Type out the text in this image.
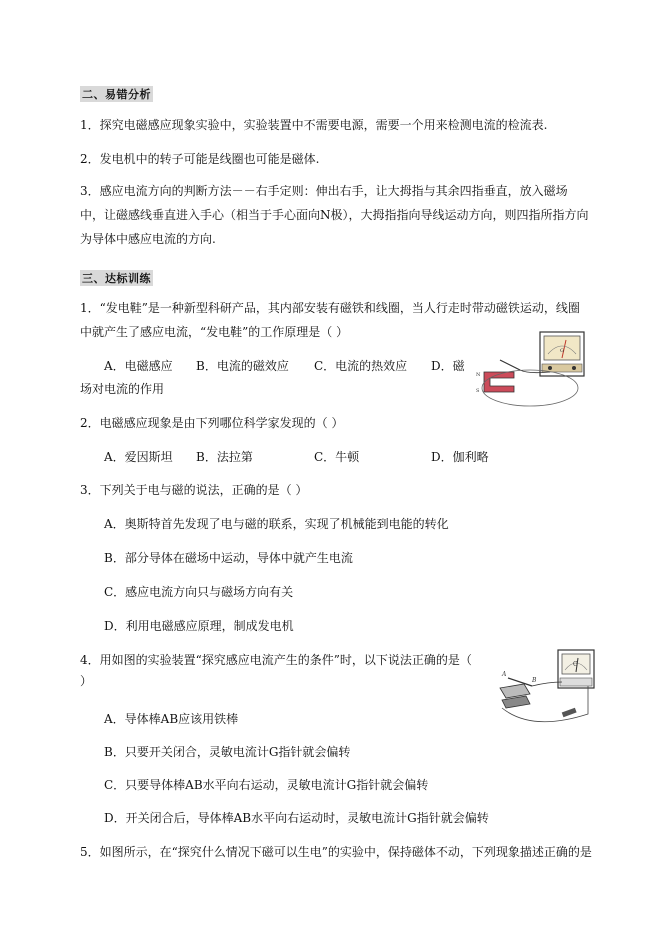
二、易错分析
1．探究电磁感应现象实验中，实验装置中不需要电源，需要一个用来检测电流的检流表.
2．发电机中的转子可能是线圈也可能是磁体.
3．感应电流方向的判断方法－－右手定则：伸出右手，让大拇指与其余四指垂直，放入磁场中，让磁感线垂直进入手心（相当于手心面向N极），大拇指指向导线运动方向，则四指所指方向为导体中感应电流的方向.
三、达标训练
1．“发电鞋”是一种新型科研产品，其内部安装有磁铁和线圈，当人行走时带动磁铁运动，线圈中就产生了感应电流，“发电鞋”的工作原理是（ ）
A．电磁感应 B．电流的磁效应 C．电流的热效应 D．磁
场对电流的作用
N
S
G
2．电磁感应现象是由下列哪位科学家发现的（ ）
A．爱因斯坦 B．法拉第	C．牛顿	D．伽利略
3．下列关于电与磁的说法，正确的是（ ）
A．奥斯特首先发现了电与磁的联系，实现了机械能到电能的转化
B．部分导体在磁场中运动，导体中就产生电流
C．感应电流方向只与磁场方向有关
D．利用电磁感应原理，制成发电机
4．用如图的实验装置“探究感应电流产生的条件”时，以下说法正确的是（
）
A．导体棒AB应该用铁棒
B．只要开关闭合，灵敏电流计G指针就会偏转
C．只要导体棒AB水平向右运动，灵敏电流计G指针就会偏转
D．开关闭合后，导体棒AB水平向右运动时，灵敏电流计G指针就会偏转
A
B
G
5．如图所示，在“探究什么情况下磁可以生电”的实验中，保持磁体不动，下列现象描述正确的是
